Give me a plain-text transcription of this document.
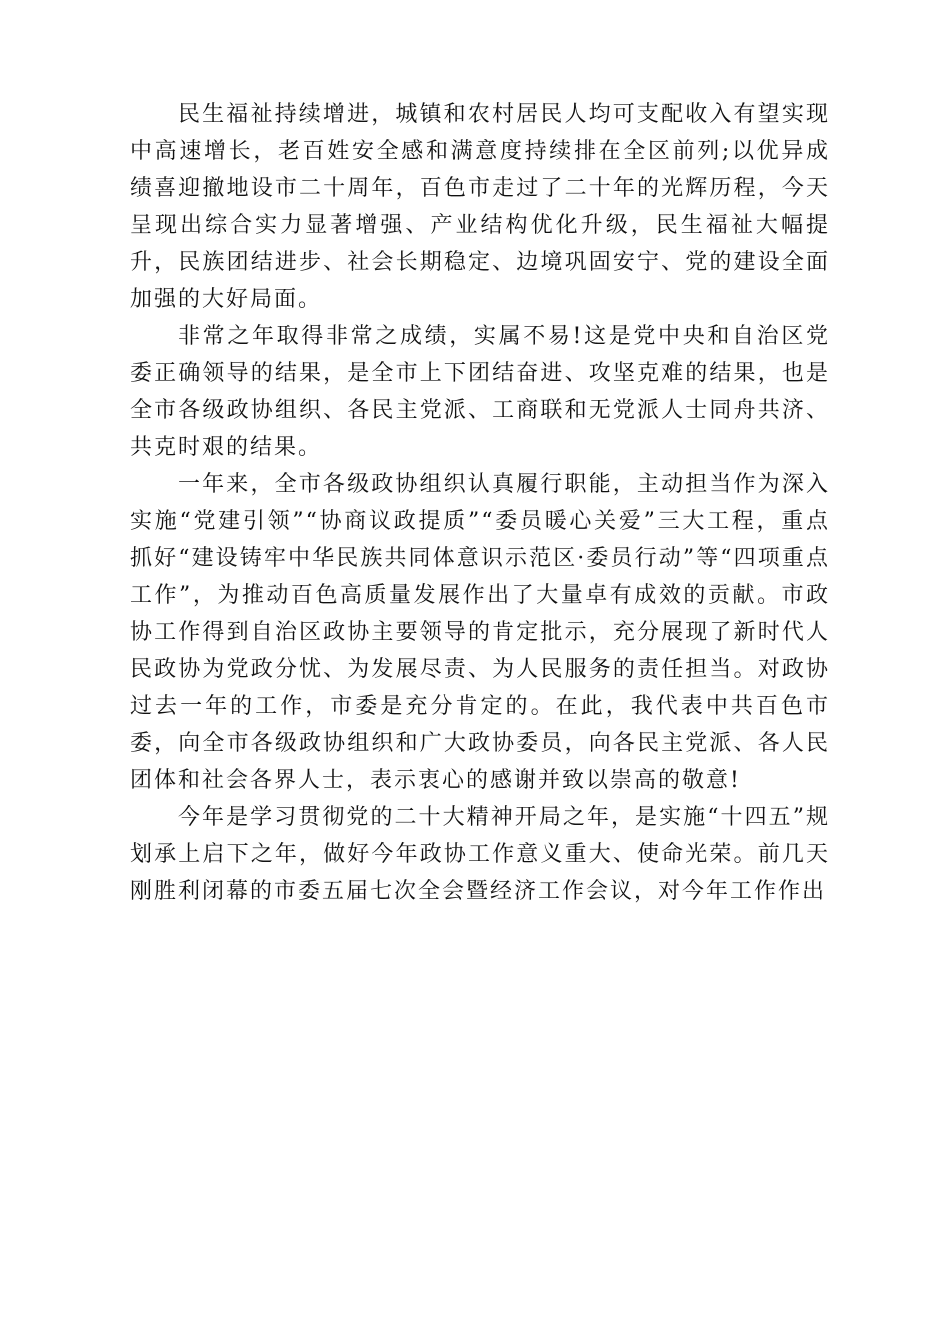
民生福祉持续增进，城镇和农村居民人均可支配收入有望实现中高速增长，老百姓安全感和满意度持续排在全区前列;以优异成绩喜迎撤地设市二十周年，百色市走过了二十年的光辉历程，今天呈现出综合实力显著增强、产业结构优化升级，民生福祉大幅提升，民族团结进步、社会长期稳定、边境巩固安宁、党的建设全面加强的大好局面。

非常之年取得非常之成绩，实属不易!这是党中央和自治区党委正确领导的结果，是全市上下团结奋进、攻坚克难的结果，也是全市各级政协组织、各民主党派、工商联和无党派人士同舟共济、共克时艰的结果。

一年来，全市各级政协组织认真履行职能，主动担当作为深入实施“党建引领”“协商议政提质”“委员暖心关爱”三大工程，重点抓好“建设铸牢中华民族共同体意识示范区·委员行动”等“四项重点工作”，为推动百色高质量发展作出了大量卓有成效的贡献。市政协工作得到自治区政协主要领导的肯定批示，充分展现了新时代人民政协为党政分忧、为发展尽责、为人民服务的责任担当。对政协过去一年的工作，市委是充分肯定的。在此，我代表中共百色市委，向全市各级政协组织和广大政协委员，向各民主党派、各人民团体和社会各界人士，表示衷心的感谢并致以崇高的敬意!

今年是学习贯彻党的二十大精神开局之年，是实施“十四五”规划承上启下之年，做好今年政协工作意义重大、使命光荣。前几天刚胜利闭幕的市委五届七次全会暨经济工作会议，对今年工作作出
